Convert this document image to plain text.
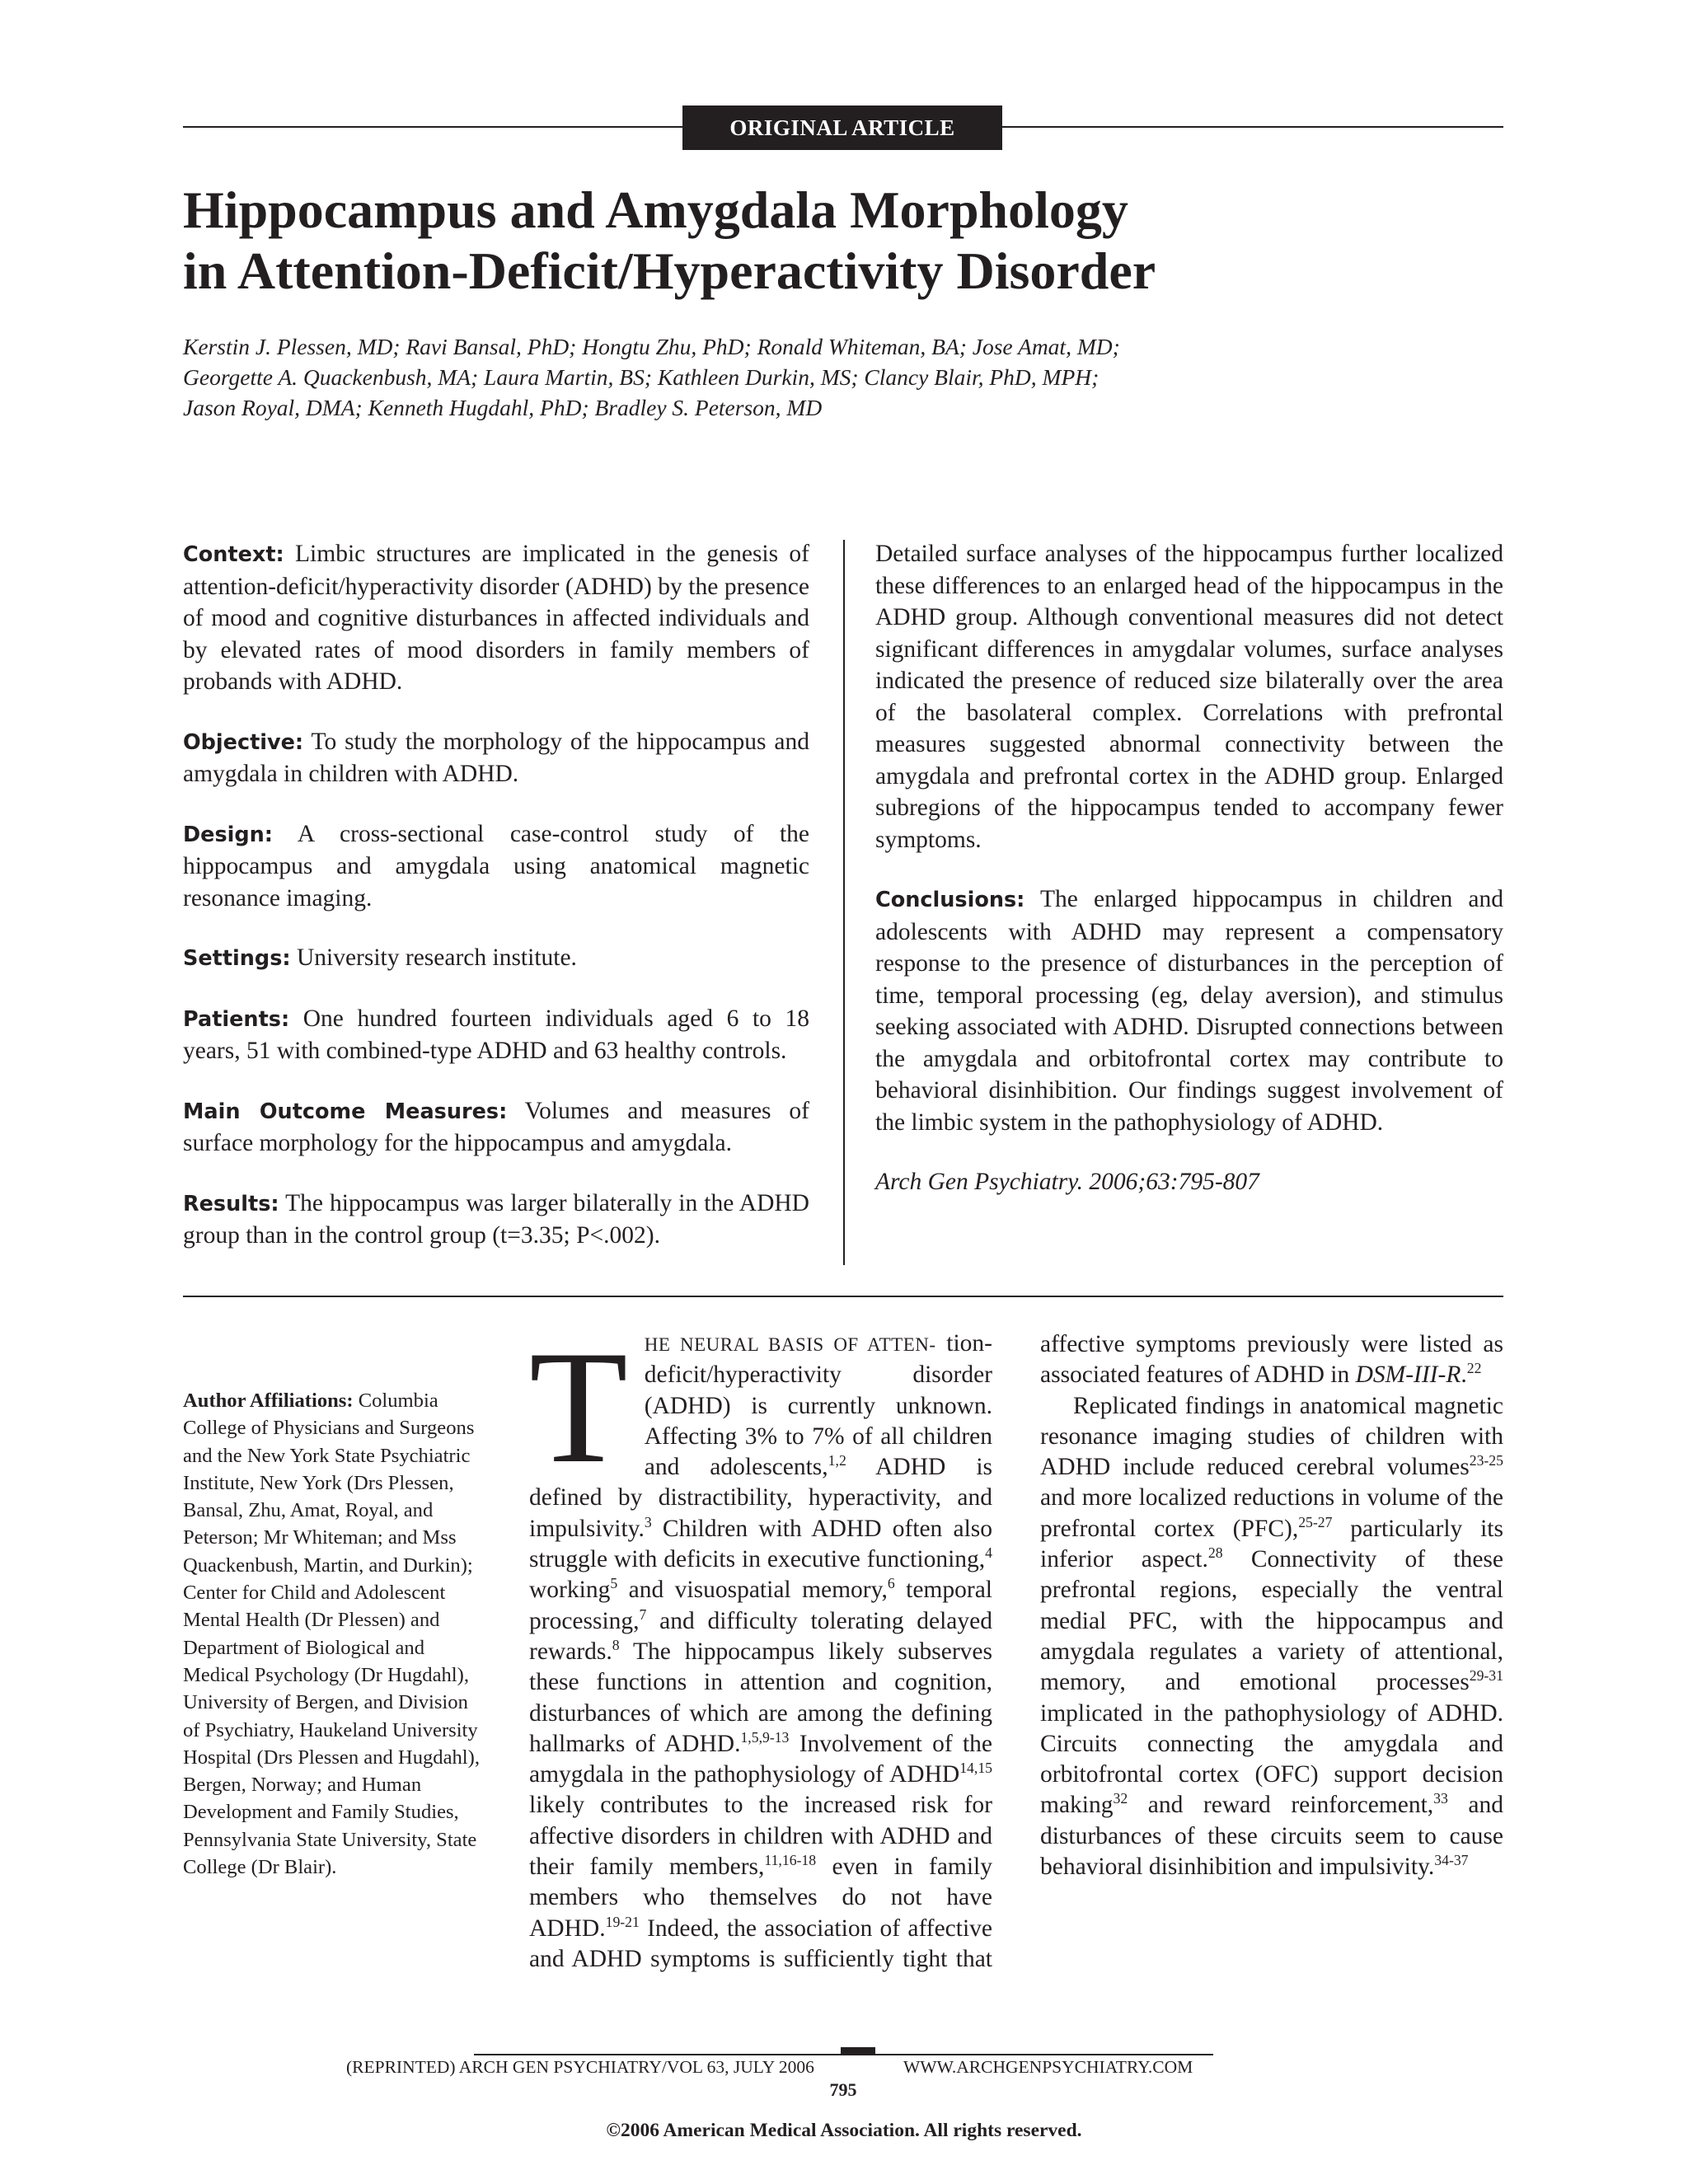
ORIGINAL ARTICLE
Hippocampus and Amygdala Morphology
in Attention-Deficit/Hyperactivity Disorder
Kerstin J. Plessen, MD; Ravi Bansal, PhD; Hongtu Zhu, PhD; Ronald Whiteman, BA; Jose Amat, MD;
Georgette A. Quackenbush, MA; Laura Martin, BS; Kathleen Durkin, MS; Clancy Blair, PhD, MPH;
Jason Royal, DMA; Kenneth Hugdahl, PhD; Bradley S. Peterson, MD

Context: Limbic structures are implicated in the genesis of attention-deficit/hyperactivity disorder (ADHD) by the presence of mood and cognitive disturbances in affected individuals and by elevated rates of mood disorders in family members of probands with ADHD.

Objective: To study the morphology of the hippocampus and amygdala in children with ADHD.

Design: A cross-sectional case-control study of the hippocampus and amygdala using anatomical magnetic resonance imaging.

Settings: University research institute.

Patients: One hundred fourteen individuals aged 6 to 18 years, 51 with combined-type ADHD and 63 healthy controls.

Main Outcome Measures: Volumes and measures of surface morphology for the hippocampus and amygdala.

Results: The hippocampus was larger bilaterally in the ADHD group than in the control group (t=3.35; P<.002).

Detailed surface analyses of the hippocampus further localized these differences to an enlarged head of the hippocampus in the ADHD group. Although conventional measures did not detect significant differences in amygdalar volumes, surface analyses indicated the presence of reduced size bilaterally over the area of the basolateral complex. Correlations with prefrontal measures suggested abnormal connectivity between the amygdala and prefrontal cortex in the ADHD group. Enlarged subregions of the hippocampus tended to accompany fewer symptoms.

Conclusions: The enlarged hippocampus in children and adolescents with ADHD may represent a compensatory response to the presence of disturbances in the perception of time, temporal processing (eg, delay aversion), and stimulus seeking associated with ADHD. Disrupted connections between the amygdala and orbitofrontal cortex may contribute to behavioral disinhibition. Our findings suggest involvement of the limbic system in the pathophysiology of ADHD.

Arch Gen Psychiatry. 2006;63:795-807

Author Affiliations: Columbia College of Physicians and Surgeons and the New York State Psychiatric Institute, New York (Drs Plessen, Bansal, Zhu, Amat, Royal, and Peterson; Mr Whiteman; and Mss Quackenbush, Martin, and Durkin); Center for Child and Adolescent Mental Health (Dr Plessen) and Department of Biological and Medical Psychology (Dr Hugdahl), University of Bergen, and Division of Psychiatry, Haukeland University Hospital (Drs Plessen and Hugdahl), Bergen, Norway; and Human Development and Family Studies, Pennsylvania State University, State College (Dr Blair).

THE NEURAL BASIS OF ATTEN- tion-deficit/hyperactivity disorder (ADHD) is currently unknown. Affecting 3% to 7% of all children and adolescents,$^{1,2}$ ADHD is defined by distractibility, hyperactivity, and impulsivity.$^3$ Children with ADHD often also struggle with deficits in executive functioning,$^4$ working$^5$ and visuospatial memory,$^6$ temporal processing,$^7$ and difficulty tolerating delayed rewards.$^8$ The hippocampus likely subserves these functions in attention and cognition, disturbances of which are among the defining hallmarks of ADHD.$^{1,5,9-13}$ Involvement of the amygdala in the pathophysiology of ADHD$^{14,15}$ likely contributes to the increased risk for affective disorders in children with ADHD and their family members,$^{11,16-18}$ even in family members who themselves do not have ADHD.$^{19-21}$ Indeed, the association of affective and ADHD symptoms is sufficiently tight that

(REPRINTED) ARCH GEN PSYCHIATRY/VOL 63, JULY 2006	WWW.ARCHGENPSYCHIATRY.COM
795
©2006 American Medical Association. All rights reserved.

affective symptoms previously were listed as associated features of ADHD in DSM-III-R.$^{22}$

Replicated findings in anatomical magnetic resonance imaging studies of children with ADHD include reduced cerebral volumes$^{23-25}$ and more localized reductions in volume of the prefrontal cortex (PFC),$^{25-27}$ particularly its inferior aspect.$^{28}$ Connectivity of these prefrontal regions, especially the ventral medial PFC, with the hippocampus and amygdala regulates a variety of attentional, memory, and emotional processes$^{29-31}$ implicated in the pathophysiology of ADHD. Circuits connecting the amygdala and orbitofrontal cortex (OFC) support decision making$^{32}$ and reward reinforcement,$^{33}$ and disturbances of these circuits seem to cause behavioral disinhibition and impulsivity.$^{34-37}$
